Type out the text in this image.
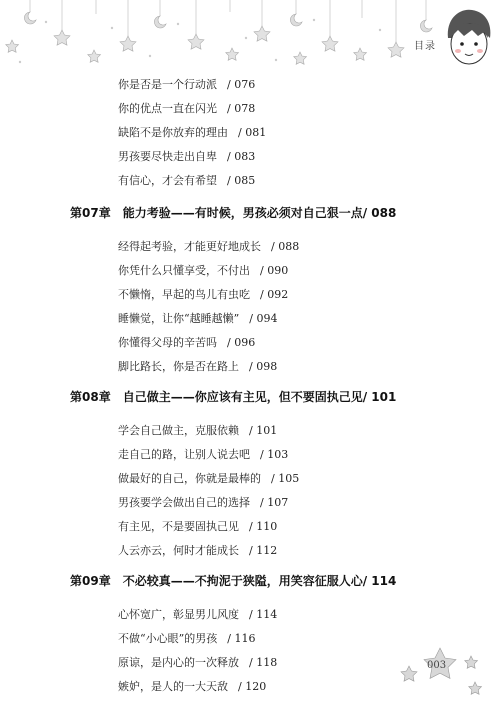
目录
你是否是一个行动派 / 076
你的优点一直在闪光 / 078
缺陷不是你放弃的理由 / 081
男孩要尽快走出自卑 / 083
有信心，才会有希望 / 085
第07章 能力考验——有时候，男孩必须对自己狠一点/ 088
经得起考验，才能更好地成长 / 088
你凭什么只懂享受，不付出 / 090
不懒惰，早起的鸟儿有虫吃 / 092
睡懒觉，让你“越睡越懒” / 094
你懂得父母的辛苦吗 / 096
脚比路长，你是否在路上 / 098
第08章 自己做主——你应该有主见，但不要固执己见/ 101
学会自己做主，克服依赖 / 101
走自己的路，让别人说去吧 / 103
做最好的自己，你就是最棒的 / 105
男孩要学会做出自己的选择 / 107
有主见，不是要固执己见 / 110
人云亦云，何时才能成长 / 112
第09章 不必较真——不拘泥于狭隘，用笑容征服人心/ 114
心怀宽广，彰显男儿风度 / 114
不做“小心眼”的男孩 / 116
原谅，是内心的一次释放 / 118
嫉妒，是人的一大天敌 / 120
003
